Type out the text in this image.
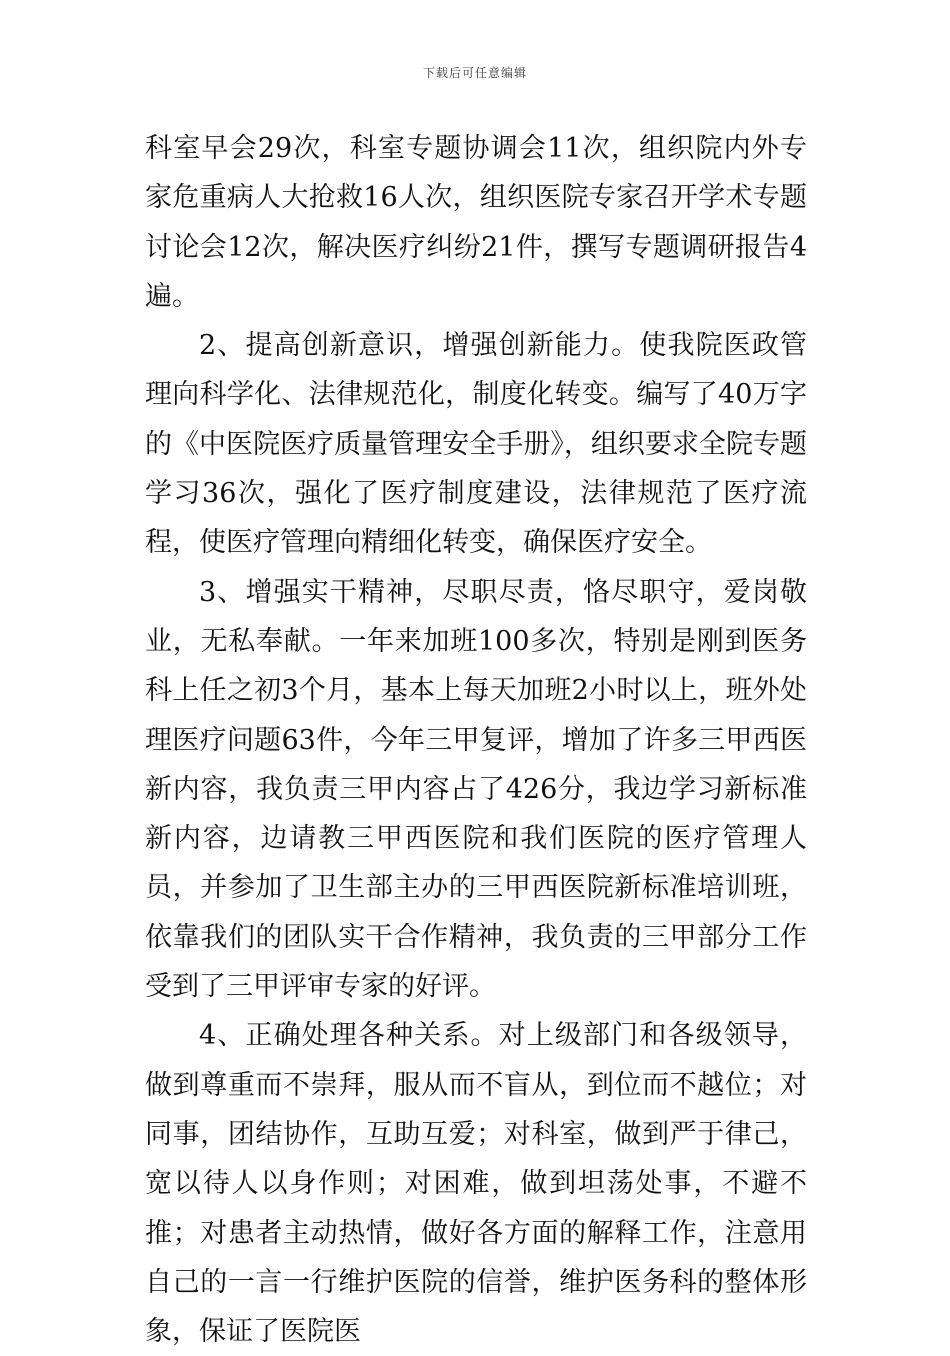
下载后可任意编辑

科室早会29次，科室专题协调会11次，组织院内外专家危重病人大抢救16人次，组织医院专家召开学术专题讨论会12次，解决医疗纠纷21件，撰写专题调研报告4遍。

2、提高创新意识，增强创新能力。使我院医政管理向科学化、法律规范化，制度化转变。编写了40万字的《中医院医疗质量管理安全手册》，组织要求全院专题学习36次，强化了医疗制度建设，法律规范了医疗流程，使医疗管理向精细化转变，确保医疗安全。

3、增强实干精神，尽职尽责，恪尽职守，爱岗敬业，无私奉献。一年来加班100多次，特别是刚到医务科上任之初3个月，基本上每天加班2小时以上，班外处理医疗问题63件，今年三甲复评，增加了许多三甲西医新内容，我负责三甲内容占了426分，我边学习新标准新内容，边请教三甲西医院和我们医院的医疗管理人员，并参加了卫生部主办的三甲西医院新标准培训班，依靠我们的团队实干合作精神，我负责的三甲部分工作受到了三甲评审专家的好评。

4、正确处理各种关系。对上级部门和各级领导，做到尊重而不崇拜，服从而不盲从，到位而不越位；对同事，团结协作，互助互爱；对科室，做到严于律己，宽以待人以身作则；对困难，做到坦荡处事，不避不推；对患者主动热情，做好各方面的解释工作，注意用自己的一言一行维护医院的信誉，维护医务科的整体形象，保证了医院医
